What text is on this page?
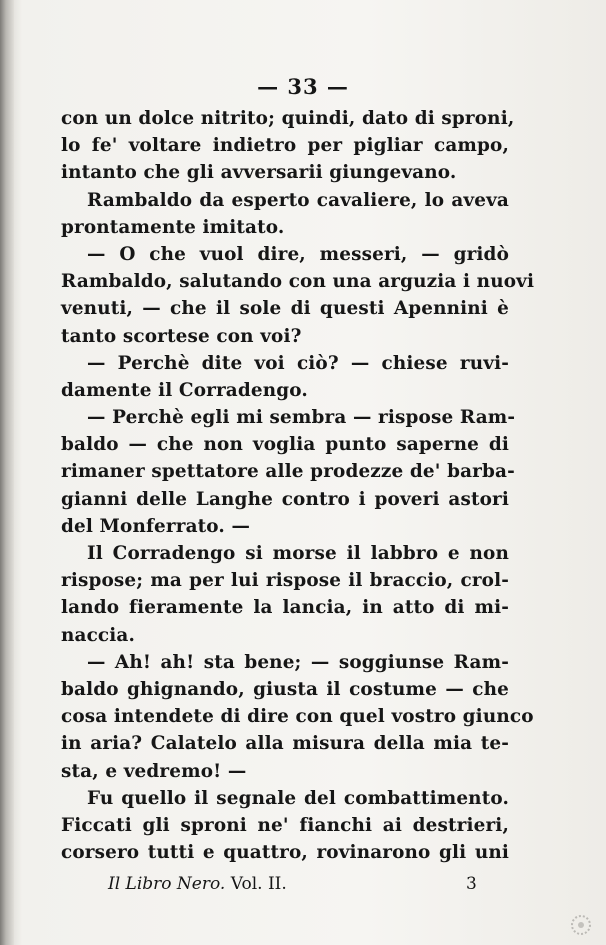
— 33 —
con un dolce nitrito; quindi, dato di sproni,
lo fe' voltare indietro per pigliar campo,
intanto che gli avversarii giungevano.
Rambaldo da esperto cavaliere, lo aveva
prontamente imitato.
— O che vuol dire, messeri, — gridò
Rambaldo, salutando con una arguzia i nuovi
venuti, — che il sole di questi Apennini è
tanto scortese con voi?
— Perchè dite voi ciò? — chiese ruvi-
damente il Corradengo.
— Perchè egli mi sembra — rispose Ram-
baldo — che non voglia punto saperne di
rimaner spettatore alle prodezze de' barba-
gianni delle Langhe contro i poveri astori
del Monferrato. —
Il Corradengo si morse il labbro e non
rispose; ma per lui rispose il braccio, crol-
lando fieramente la lancia, in atto di mi-
naccia.
— Ah! ah! sta bene; — soggiunse Ram-
baldo ghignando, giusta il costume — che
cosa intendete di dire con quel vostro giunco
in aria? Calatelo alla misura della mia te-
sta, e vedremo! —
Fu quello il segnale del combattimento.
Ficcati gli sproni ne' fianchi ai destrieri,
corsero tutti e quattro, rovinarono gli uni
Il Libro Nero. Vol. II.	3
